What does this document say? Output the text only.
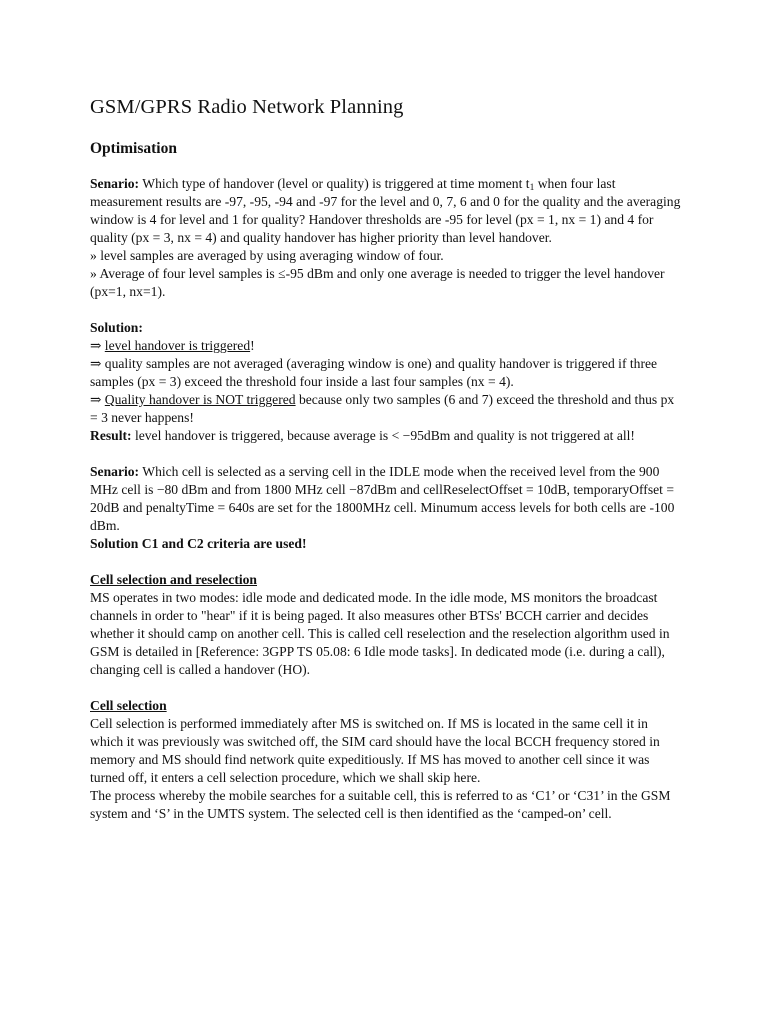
GSM/GPRS Radio Network Planning
Optimisation

Senario: Which type of handover (level or quality) is triggered at time moment $t_1$ when four last measurement results are -97, -95, -94 and -97 for the level and 0, 7, 6 and 0 for the quality and the averaging window is 4 for level and 1 for quality? Handover thresholds are -95 for level (px = 1, nx = 1) and 4 for quality (px = 3, nx = 4) and quality handover has higher priority than level handover.

» level samples are averaged by using averaging window of four.

» Average of four level samples is ≤-95 dBm and only one average is needed to trigger the level handover (px=1, nx=1).

Solution:

⇒ level handover is triggered!

⇒ quality samples are not averaged (averaging window is one) and quality handover is triggered if three samples (px = 3) exceed the threshold four inside a last four samples (nx = 4).

⇒ Quality handover is NOT triggered because only two samples (6 and 7) exceed the threshold and thus px = 3 never happens!

Result: level handover is triggered, because average is < −95dBm and quality is not triggered at all!

Senario: Which cell is selected as a serving cell in the IDLE mode when the received level from the 900 MHz cell is −80 dBm and from 1800 MHz cell −87dBm and cellReselectOffset = 10dB, temporaryOffset = 20dB and penaltyTime = 640s are set for the 1800MHz cell. Minumum access levels for both cells are -100 dBm.

Solution C1 and C2 criteria are used!

Cell selection and reselection

MS operates in two modes: idle mode and dedicated mode. In the idle mode, MS monitors the broadcast channels in order to "hear" if it is being paged. It also measures other BTSs' BCCH carrier and decides whether it should camp on another cell. This is called cell reselection and the reselection algorithm used in GSM is detailed in [Reference: 3GPP TS 05.08: 6 Idle mode tasks]. In dedicated mode (i.e. during a call), changing cell is called a handover (HO).

Cell selection

Cell selection is performed immediately after MS is switched on. If MS is located in the same cell it in which it was previously was switched off, the SIM card should have the local BCCH frequency stored in memory and MS should find network quite expeditiously. If MS has moved to another cell since it was turned off, it enters a cell selection procedure, which we shall skip here.

The process whereby the mobile searches for a suitable cell, this is referred to as ‘C1’ or ‘C31’ in the GSM system and ‘S’ in the UMTS system. The selected cell is then identified as the ‘camped-on’ cell.
